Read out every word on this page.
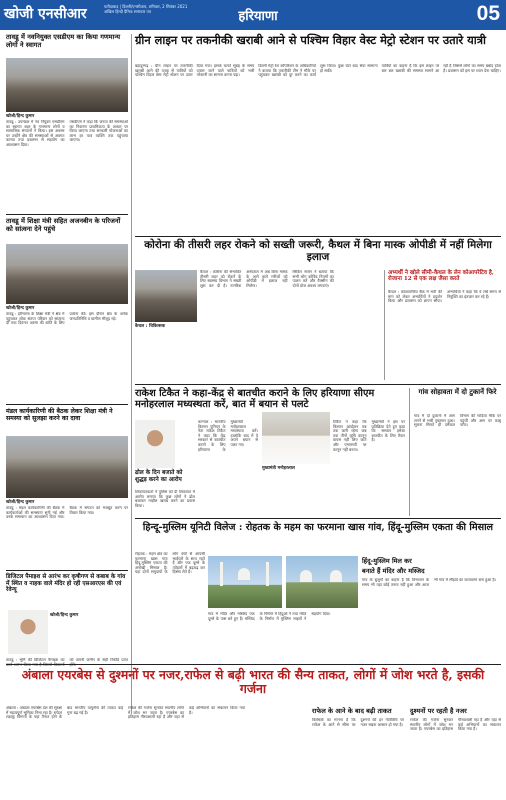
खोजी एनसीआर	फरीदाबाद | दिल्ली/एनसीआर, शनिवार, 2 सितंबर 2021
अखिल हिन्दी दैनिक समाचार पत्र	हरियाणा	05
तावडू में नवनियुक्त एसडीएम का किया गणमान्य लोगों ने स्वागत
खोजी/हिन्द कुमार

तावडू : उपमंडल में नव नियुक्त एसडीएम का स्वागत शहर के गणमान्य लोगों व सामाजिक संगठनों ने किया। इस अवसर पर उन्होंने क्षेत्र की समस्याओं से अवगत कराया तथा प्रशासन से सहयोग का आश्वासन दिया।

एसडीएम ने कहा कि जनता की समस्याओं का निवारण प्राथमिकता के आधार पर किया जाएगा तथा सरकारी योजनाओं का लाभ हर पात्र व्यक्ति तक पहुंचाया जाएगा।

तावडू में शिक्षा मंत्री सहित अजनबीन के परिजनों को सांत्वना देने पहुंचे
खोजी/हिन्द कुमार

तावडू : हरियाणा के शिक्षा मंत्री ने क्षेत्र में पहुंचकर शोक संतप्त परिवार को सांत्वना दी तथा दिवंगत आत्मा की शांति के लिए प्रार्थना की। इस दौरान क्षेत्र के अनेक जनप्रतिनिधि व ग्रामीण मौजूद रहे।

मंडल कार्यकारिणी की बैठक लेकर शिक्षा मंत्री ने समस्या को सुलझा करने का दावा
खोजी/हिन्द कुमार

तावडू : मंडल कार्यकारिणी की बैठक में कार्यकर्ताओं की समस्याएं सुनी गई और उनके समाधान का आश्वासन दिया गया। बैठक में संगठन को मजबूत करने पर विचार किया गया।

डिजिटल पैमाइश से आरंभ कर कृषीगण से कबाब के गांव में स्थित व नाहक वाले मंदिर हो रही एसआरएस की एवं रेवेन्यू
खोजी/हिन्द कुमार

तावडू : भूमि की डिजिटल पैमाइश का को अपनी जमीन के सही रिकॉर्ड प्राप्त

ग्रीन लाइन पर तकनीकी खराबी आने से पश्चिम विहार वेस्ट मेट्रो स्टेशन पर उतारे यात्री

बहादुरगढ़ : ग्रीन लाइन पर तकनीकी खराबी आने की वजह से यात्रियों को पश्चिम विहार वेस्ट मेट्रो स्टेशन पर उतार दिया गया। इसके चलते सुबह के समय दफ्तर जाने वाले यात्रियों को भारी परेशानी का सामना करना पड़ा।

दिल्ली मेट्रो रेल कॉर्पोरेशन के अधिकारियों ने बताया कि तकनीकी टीम ने मौके पर पहुंचकर खराबी को दूर करने का कार्य शुरू किया। कुछ घंटों बाद सेवा सामान्य हो सकी।

यात्रियों का कहना है कि इस लाइन पर बार बार खराबी की समस्या सामने आ रही है जिससे लोगों का समय बर्बाद होता है। प्रशासन को इस पर ध्यान देना चाहिए।

कोरोना की तीसरी लहर रोकने को सख्ती जरूरी, कैथल में बिना मास्क ओपीडी में नहीं मिलेगा इलाज
कैथल : चिकित्सक

कैथल : कोरोना की संभावित तीसरी लहर को रोकने के लिए स्वास्थ्य विभाग ने सख्ती शुरू कर दी है। नागरिक अस्पताल में अब बिना मास्क के आने वाले मरीजों को ओपीडी में इलाज नहीं मिलेगा।

सिविल सर्जन ने बताया कि सभी लोग कोविड नियमों का पालन करें और वैक्सीन की दोनों डोज अवश्य लगवाएं।

अभ्यर्थी ने खोले सीमी-कैथल के लेन कोआपरेटिव है, रोजाना 12 से एक लक्ष जैसा करते

कैथल : कोआपरेटिव बैंक में भर्ती की मांग को लेकर अभ्यर्थियों ने प्रदर्शन किया और प्रशासन को ज्ञापन सौंपा। अभ्यर्थियों ने कहा कि वे लंबे समय से नियुक्ति का इंतजार कर रहे हैं।

राकेश टिकैत ने कहा-केंद्र से बातचीत कराने के लिए हरियाणा सीएम मनोहरलाल मध्यस्थता करें, बात में बयान से पलटे
गांव सोहावता में दो टुकानें फिरे

गांव में दो दुकानों में आग लगने से भारी नुकसान हुआ। सूचना मिलते ही दमकल विभाग की गाड़ियां मौके पर पहुंचीं और आग पर काबू पाया।

ढोल के दिन बजाते को शुद्धड़ करने का आरोप

शिकायतकर्ता ने पुलिस को दी शिकायत में आरोप लगाया कि कुछ लोगों ने ढोल बजाकर माहौल खराब करने का प्रयास किया।

मुख्यमंत्री मनोहरलाल

करनाल : भारतीय किसान यूनियन के नेता राकेश टिकैत ने कहा कि केंद्र सरकार से बातचीत कराने के लिए हरियाणा के मुख्यमंत्री मनोहरलाल मध्यस्थता करें। हालांकि बाद में वे अपने बयान से पलट गए।

टिकैत ने कहा कि किसान आंदोलन तब तक जारी रहेगा जब तक तीनों कृषि कानून वापस नहीं लिए जाते और एमएसपी पर कानून नहीं बनता।

मुख्यमंत्री ने इस पर प्रतिक्रिया देते हुए कहा कि सरकार हमेशा बातचीत के लिए तैयार है।

हिन्दू-मुस्लिम यूनिटी विलेज : रोहतक के महम का फरमाना खास गांव, हिंदू-मुस्लिम एकता की मिसाल

रोहतक : महम क्षेत्र का फरमाना खास गांव हिंदू-मुस्लिम एकता की अनोखी मिसाल है। यहां दोनों समुदायों के लोग वर्षों से आपसी भाईचारे के साथ रहते हैं और एक दूसरे के त्योहारों में बढ़चढ़ कर हिस्सा लेते हैं।

गांव में मंदिर और मस्जिद एक दूसरे के पास बने हुए हैं। मस्जिद के निर्माण में हिंदुओं ने तथा मंदिर के निर्माण में मुस्लिम भाइयों ने सहयोग दिया।

हिंदू-मुस्लिम मिल कर
बनाते हैं मंदिर और मस्जिद

गांव के बुजुर्गों का कहना है कि विभाजन के समय भी यहां कोई तनाव नहीं हुआ और आज भी गांव में सौहार्द का वातावरण बना हुआ है।

अंबाला एयरबेस से दुश्मनों पर नजर,राफेल से बढ़ी भारत की सैन्य ताकत, लोगों में जोश भरते है, इसकी गर्जना

अंबाला : अंबाला एयरबेस देश की सुरक्षा में महत्वपूर्ण भूमिका निभा रहा है। राफेल लड़ाकू विमानों के यहां तैनात होने के बाद भारतीय वायुसेना की ताकत कई गुना बढ़ गई है।

राफेल की गर्जना सुनकर स्थानीय लोगों में जोश भर जाता है। एयरबेस का इतिहास गौरवशाली रहा है और यहां से कई अभियानों का संचालन किया गया है।	राफेल के आने के बाद बढ़ी ताकत

विशेषज्ञों का मानना है कि राफेल के आने से सीमा पर दुश्मनों की हर गतिविधि पर नजर रखना आसान हो गया है।

दुश्मनों पर रहती है नजर

राफेल की गर्जना सुनकर स्थानीय लोगों में जोश भर जाता है। एयरबेस का इतिहास गौरवशाली रहा है और यहां से कई अभियानों का संचालन किया गया है।
